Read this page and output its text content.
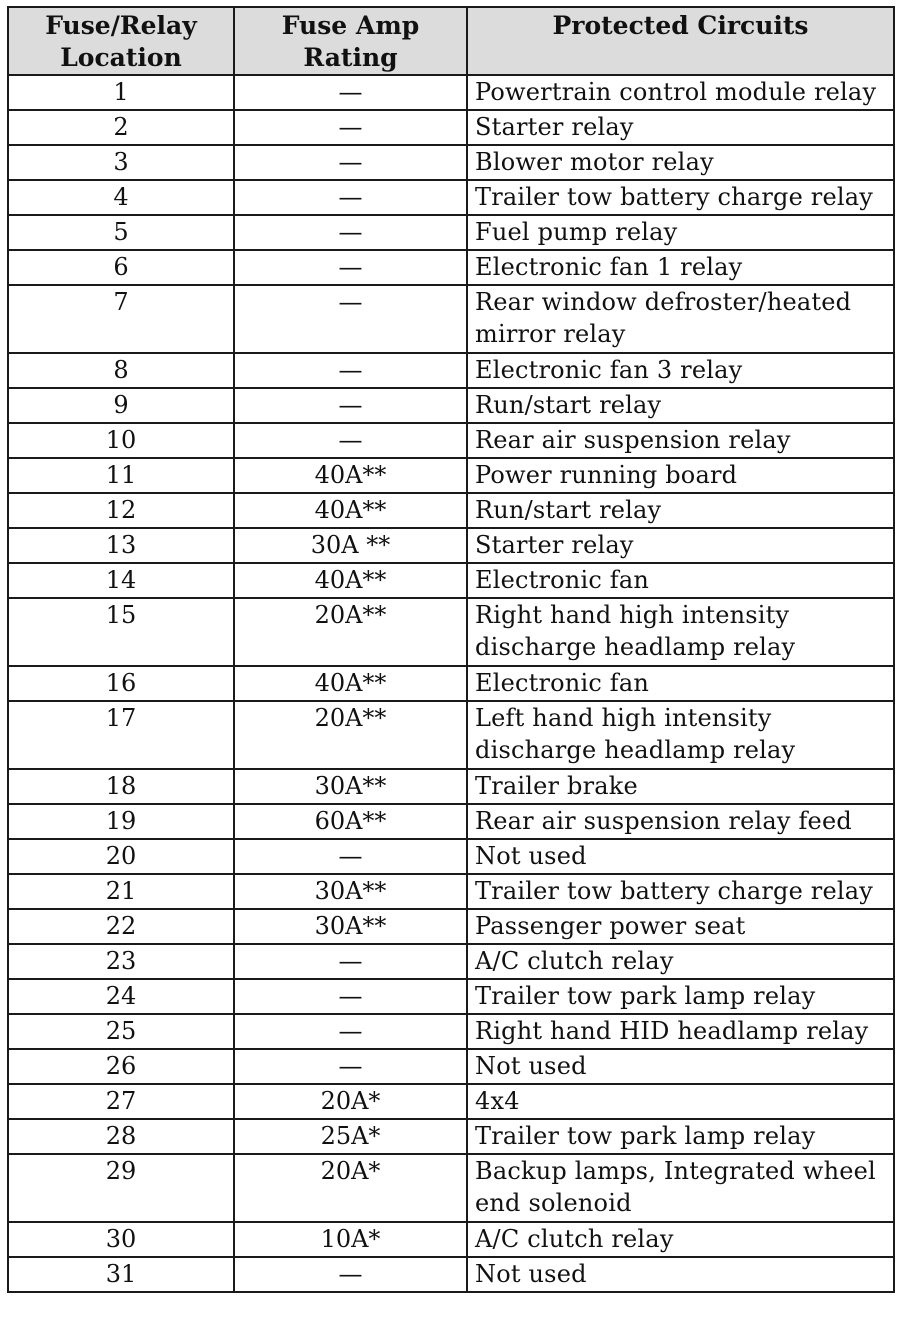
Fuse/Relay Location	Fuse Amp Rating	Protected Circuits
1	—	Powertrain control module relay
2	—	Starter relay
3	—	Blower motor relay
4	—	Trailer tow battery charge relay
5	—	Fuel pump relay
6	—	Electronic fan 1 relay
7	—	Rear window defroster/heated mirror relay
8	—	Electronic fan 3 relay
9	—	Run/start relay
10	—	Rear air suspension relay
11	40A**	Power running board
12	40A**	Run/start relay
13	30A **	Starter relay
14	40A**	Electronic fan
15	20A**	Right hand high intensity discharge headlamp relay
16	40A**	Electronic fan
17	20A**	Left hand high intensity discharge headlamp relay
18	30A**	Trailer brake
19	60A**	Rear air suspension relay feed
20	—	Not used
21	30A**	Trailer tow battery charge relay
22	30A**	Passenger power seat
23	—	A/C clutch relay
24	—	Trailer tow park lamp relay
25	—	Right hand HID headlamp relay
26	—	Not used
27	20A*	4x4
28	25A*	Trailer tow park lamp relay
29	20A*	Backup lamps, Integrated wheel end solenoid
30	10A*	A/C clutch relay
31	—	Not used
